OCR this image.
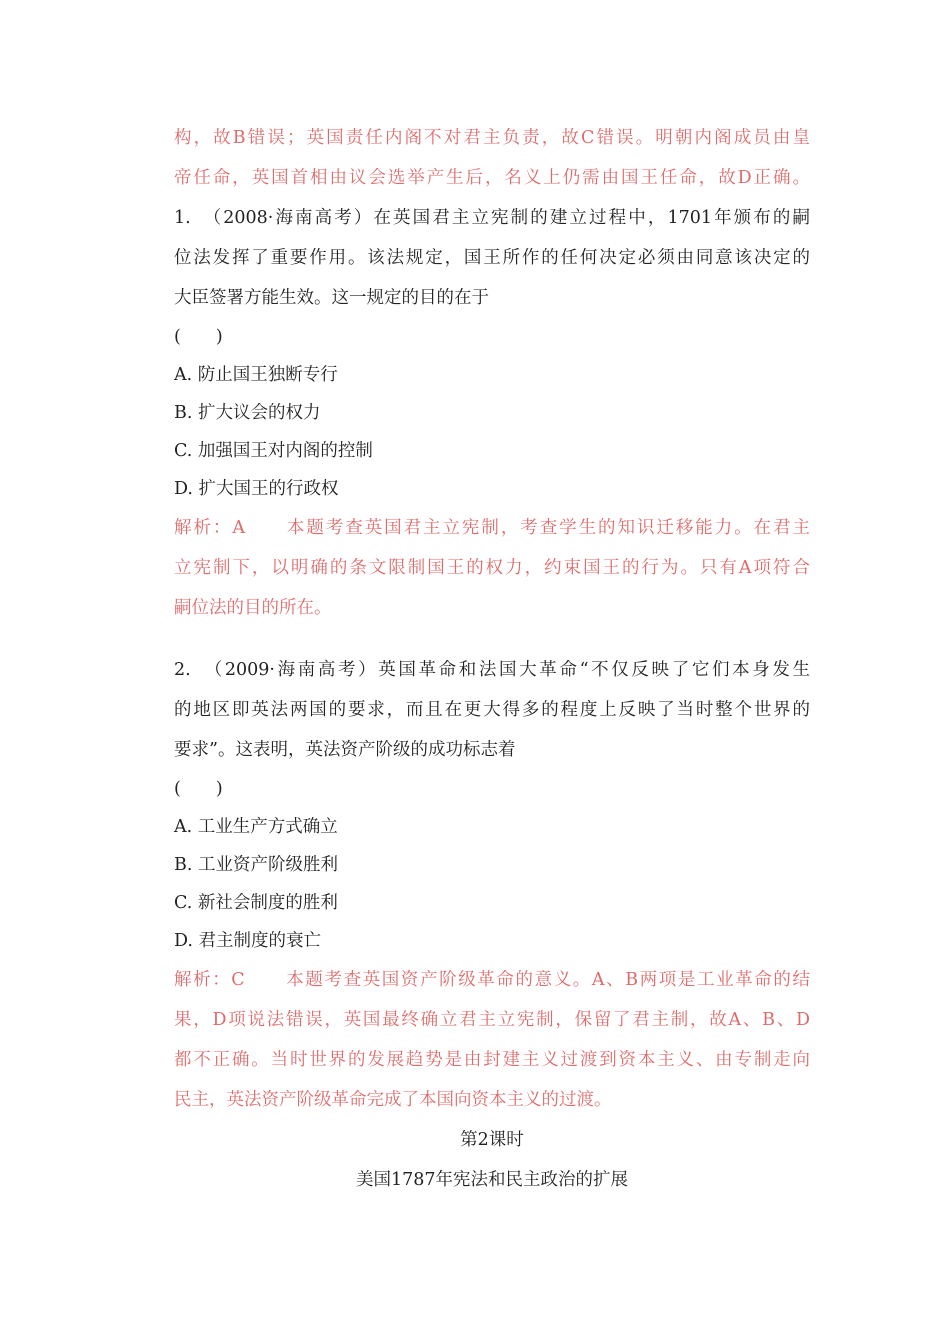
构，故B错误；英国责任内阁不对君主负责，故C错误。明朝内阁成员由皇
帝任命，英国首相由议会选举产生后，名义上仍需由国王任命，故D正确。
1.　（2008·海南高考）在英国君主立宪制的建立过程中，1701年颁布的嗣
位法发挥了重要作用。该法规定，国王所作的任何决定必须由同意该决定的
大臣签署方能生效。这一规定的目的在于
(　　)
A. 防止国王独断专行
B. 扩大议会的权力
C. 加强国王对内阁的控制
D. 扩大国王的行政权
解析：A 本题考查英国君主立宪制，考查学生的知识迁移能力。在君主
立宪制下，以明确的条文限制国王的权力，约束国王的行为。只有A项符合
嗣位法的目的所在。
2.　（2009·海南高考）英国革命和法国大革命“不仅反映了它们本身发生
的地区即英法两国的要求，而且在更大得多的程度上反映了当时整个世界的
要求”。这表明，英法资产阶级的成功标志着
(　　)
A. 工业生产方式确立
B. 工业资产阶级胜利
C. 新社会制度的胜利
D. 君主制度的衰亡
解析：C 本题考查英国资产阶级革命的意义。A、B两项是工业革命的结
果，D项说法错误，英国最终确立君主立宪制，保留了君主制，故A、B、D
都不正确。当时世界的发展趋势是由封建主义过渡到资本主义、由专制走向
民主，英法资产阶级革命完成了本国向资本主义的过渡。
第2课时
美国1787年宪法和民主政治的扩展
